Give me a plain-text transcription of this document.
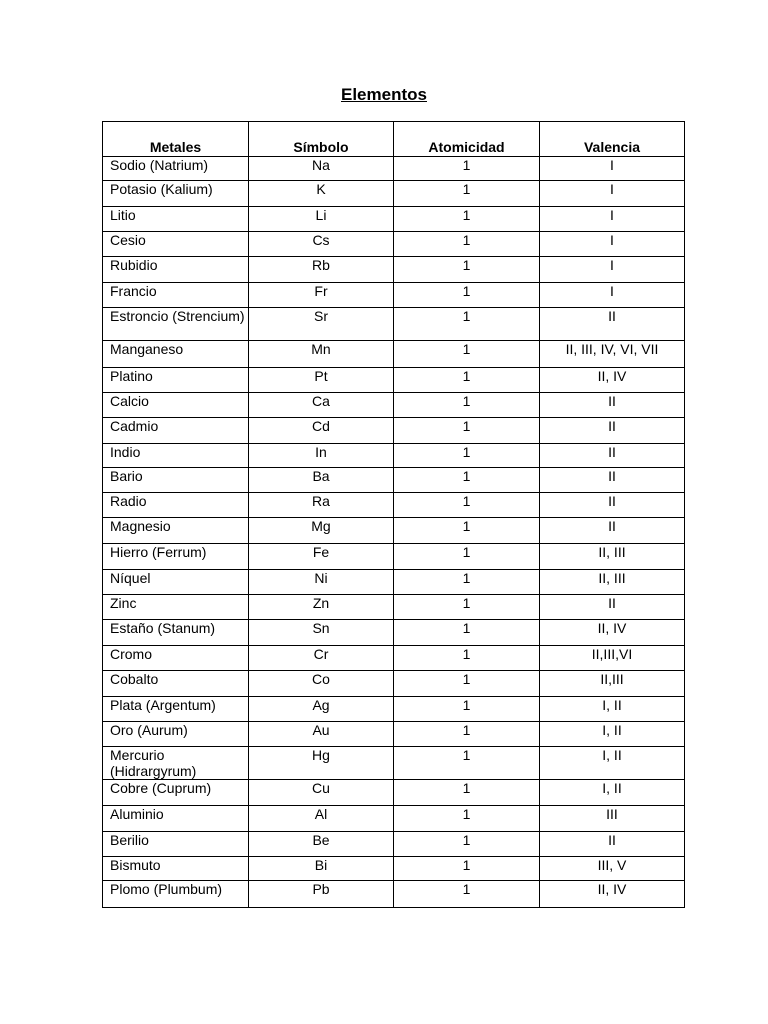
Elementos
Metales	Símbolo	Atomicidad	Valencia
Sodio (Natrium)	Na	1	I
Potasio (Kalium)	K	1	I
Litio	Li	1	I
Cesio	Cs	1	I
Rubidio	Rb	1	I
Francio	Fr	1	I
Estroncio (Strencium)	Sr	1	II
Manganeso	Mn	1	II, III, IV, VI, VII
Platino	Pt	1	II, IV
Calcio	Ca	1	II
Cadmio	Cd	1	II
Indio	In	1	II
Bario	Ba	1	II
Radio	Ra	1	II
Magnesio	Mg	1	II
Hierro (Ferrum)	Fe	1	II, III
Níquel	Ni	1	II, III
Zinc	Zn	1	II
Estaño (Stanum)	Sn	1	II, IV
Cromo	Cr	1	II,III,VI
Cobalto	Co	1	II,III
Plata (Argentum)	Ag	1	I, II
Oro (Aurum)	Au	1	I, II
Mercurio (Hidrargyrum)	Hg	1	I, II
Cobre (Cuprum)	Cu	1	I, II
Aluminio	Al	1	III
Berilio	Be	1	II
Bismuto	Bi	1	III, V
Plomo (Plumbum)	Pb	1	II, IV
